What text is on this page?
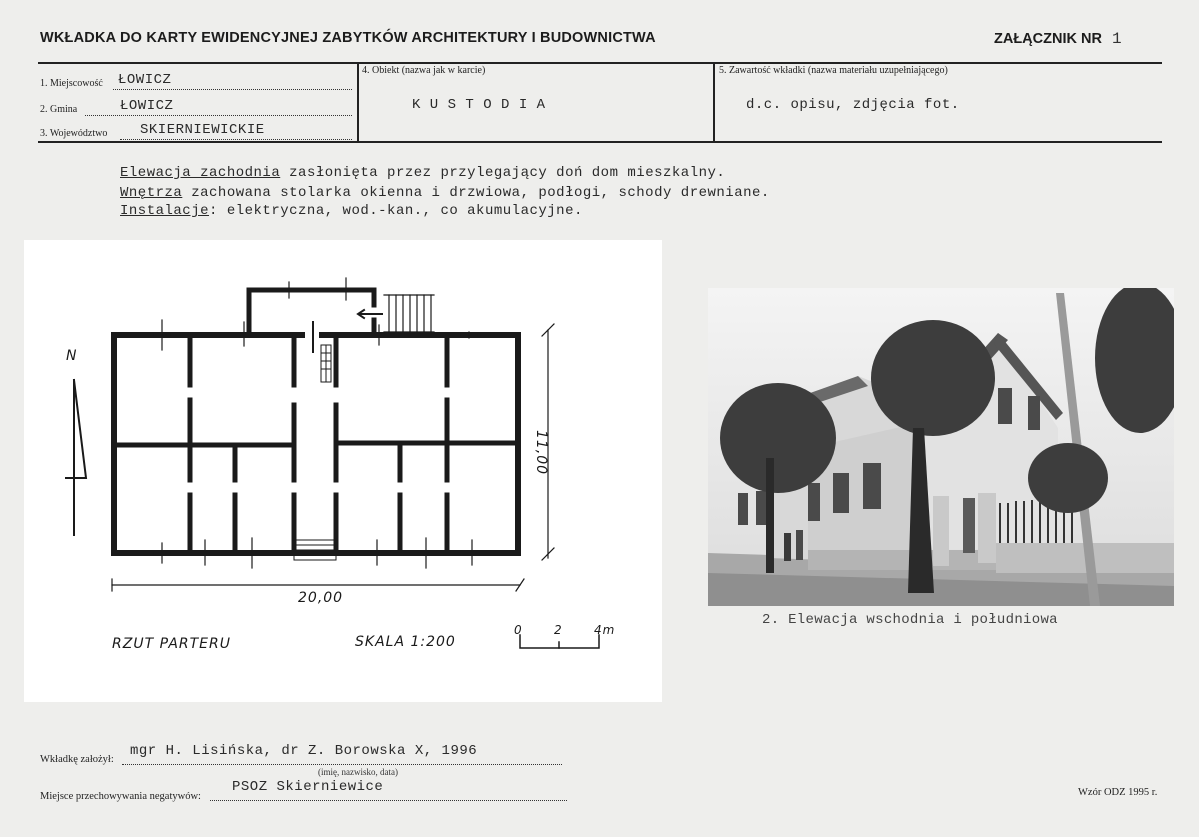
WKŁADKA DO KARTY EWIDENCYJNEJ ZABYTKÓW ARCHITEKTURY I BUDOWNICTWA	ZAŁĄCZNIK NR 1
1. Miejscowość ŁOWICZ
2. Gmina	ŁOWICZ
3. Województwo SKIERNIEWICKIE
4. Obiekt (nazwa jak w karcie)
K U S T O D I A
5. Zawartość wkładki (nazwa materiału uzupełniającego)
d.c. opisu, zdjęcia fot.
Elewacja zachodnia zasłonięta przez przylegający doń dom mieszkalny.
Wnętrza zachowana stolarka okienna i drzwiowa, podłogi, schody drewniane.
Instalacje: elektryczna, wod.-kan., co akumulacyjne.
N
20,00
11,00
RZUT PARTERU	SKALA 1:200
0	2	4m
2. Elewacja wschodnia i południowa
Wkładkę założył:
mgr H. Lisińska, dr Z. Borowska X, 1996
(imię, nazwisko, data)
Miejsce przechowywania negatywów:
PSOZ Skierniewice	Wzór ODZ 1995 r.
